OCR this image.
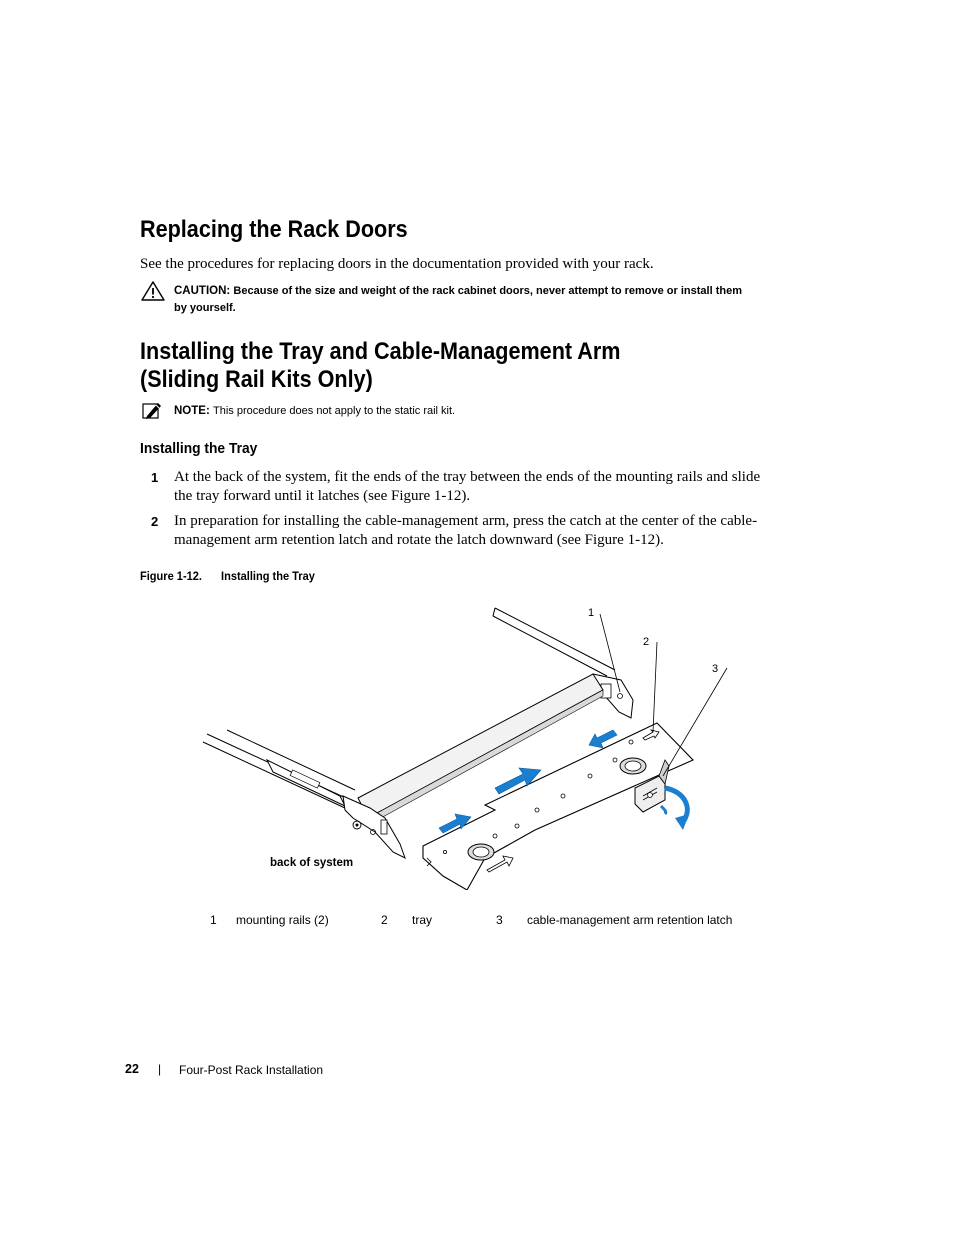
Replacing the Rack Doors
See the procedures for replacing doors in the documentation provided with your rack.
CAUTION: Because of the size and weight of the rack cabinet doors, never attempt to remove or install them
by yourself.
Installing the Tray and Cable-Management Arm
(Sliding Rail Kits Only)
NOTE: This procedure does not apply to the static rail kit.
Installing the Tray
1 At the back of the system, fit the ends of the tray between the ends of the mounting rails and slide
the tray forward until it latches (see Figure 1-12).
2 In preparation for installing the cable-management arm, press the catch at the center of the cable-
management arm retention latch and rotate the latch downward (see Figure 1-12).
Figure 1-12. Installing the Tray
1
2
3
back of system
1 mounting rails (2)	2 tray	3 cable-management arm retention latch
22 | Four-Post Rack Installation
